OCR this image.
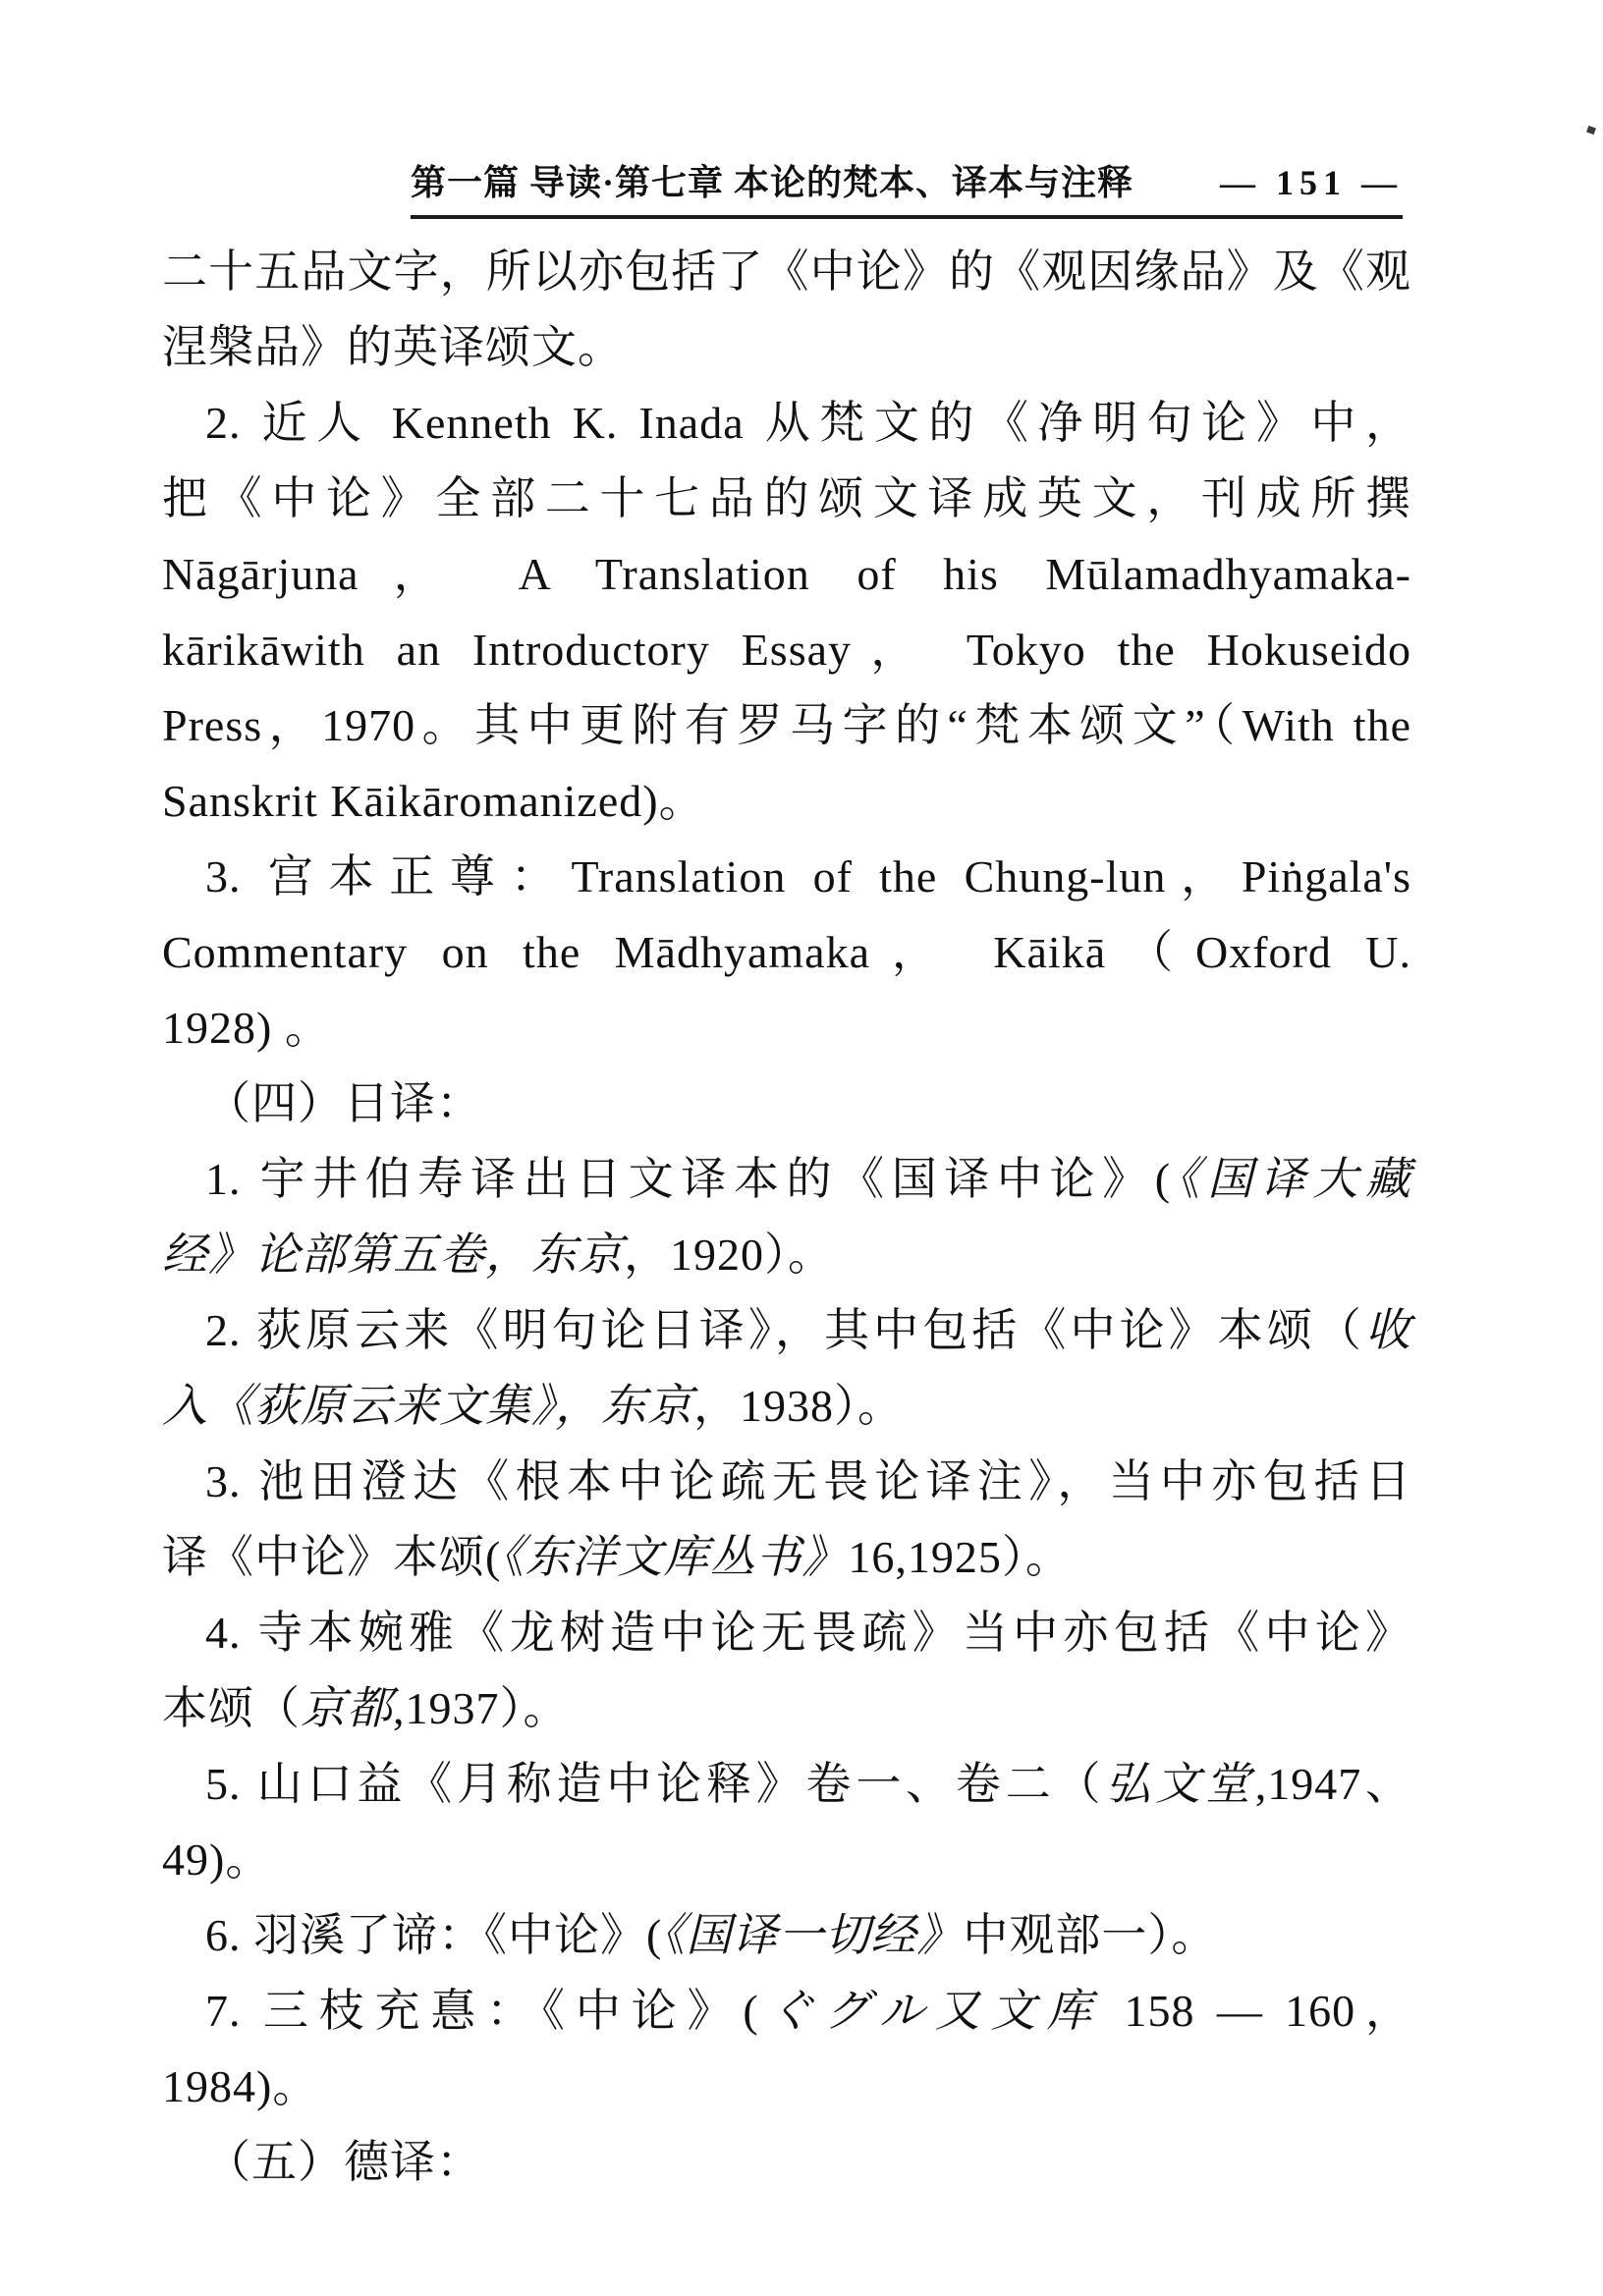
第一篇 导读·第七章 本论的梵本、译本与注释 — 151 —
二十五品文字，所以亦包括了《中论》的《观因缘品》及《观
涅槃品》的英译颂文。
2. 近人 Kenneth K. Inada 从梵文的《净明句论》中，
把《中论》全部二十七品的颂文译成英文，刊成所撰
Nāgārjuna， A Translation of his Mūlamadhyamaka-
kārikāwith an Introductory Essay， Tokyo the Hokuseido
Press，1970。其中更附有罗马字的“梵本颂文”（With the
Sanskrit Kāikāromanized)。
3. 宫本正尊：Translation of the Chung-lun，Piṅgala's
Commentary on the Mādhyamaka， Kāikā（Oxford U.
1928) 。
（四）日译：
1. 宇井伯寿译出日文译本的《国译中论》(《国译大藏
经》论部第五卷，东京，1920）。
2. 荻原云来《明句论日译》，其中包括《中论》本颂（收
入《荻原云来文集》，东京，1938）。
3. 池田澄达《根本中论疏无畏论译注》，当中亦包括日
译《中论》本颂(《东洋文库丛书》16,1925）。
4. 寺本婉雅《龙树造中论无畏疏》当中亦包括《中论》
本颂（京都,1937）。
5. 山口益《月称造中论释》卷一、卷二（弘文堂,1947、
49)。
6. 羽溪了谛：《中论》(《国译一切经》中观部一）。
7. 三枝充惪：《中论》(ぐグル又文库 158 — 160，
1984)。
（五）德译：
